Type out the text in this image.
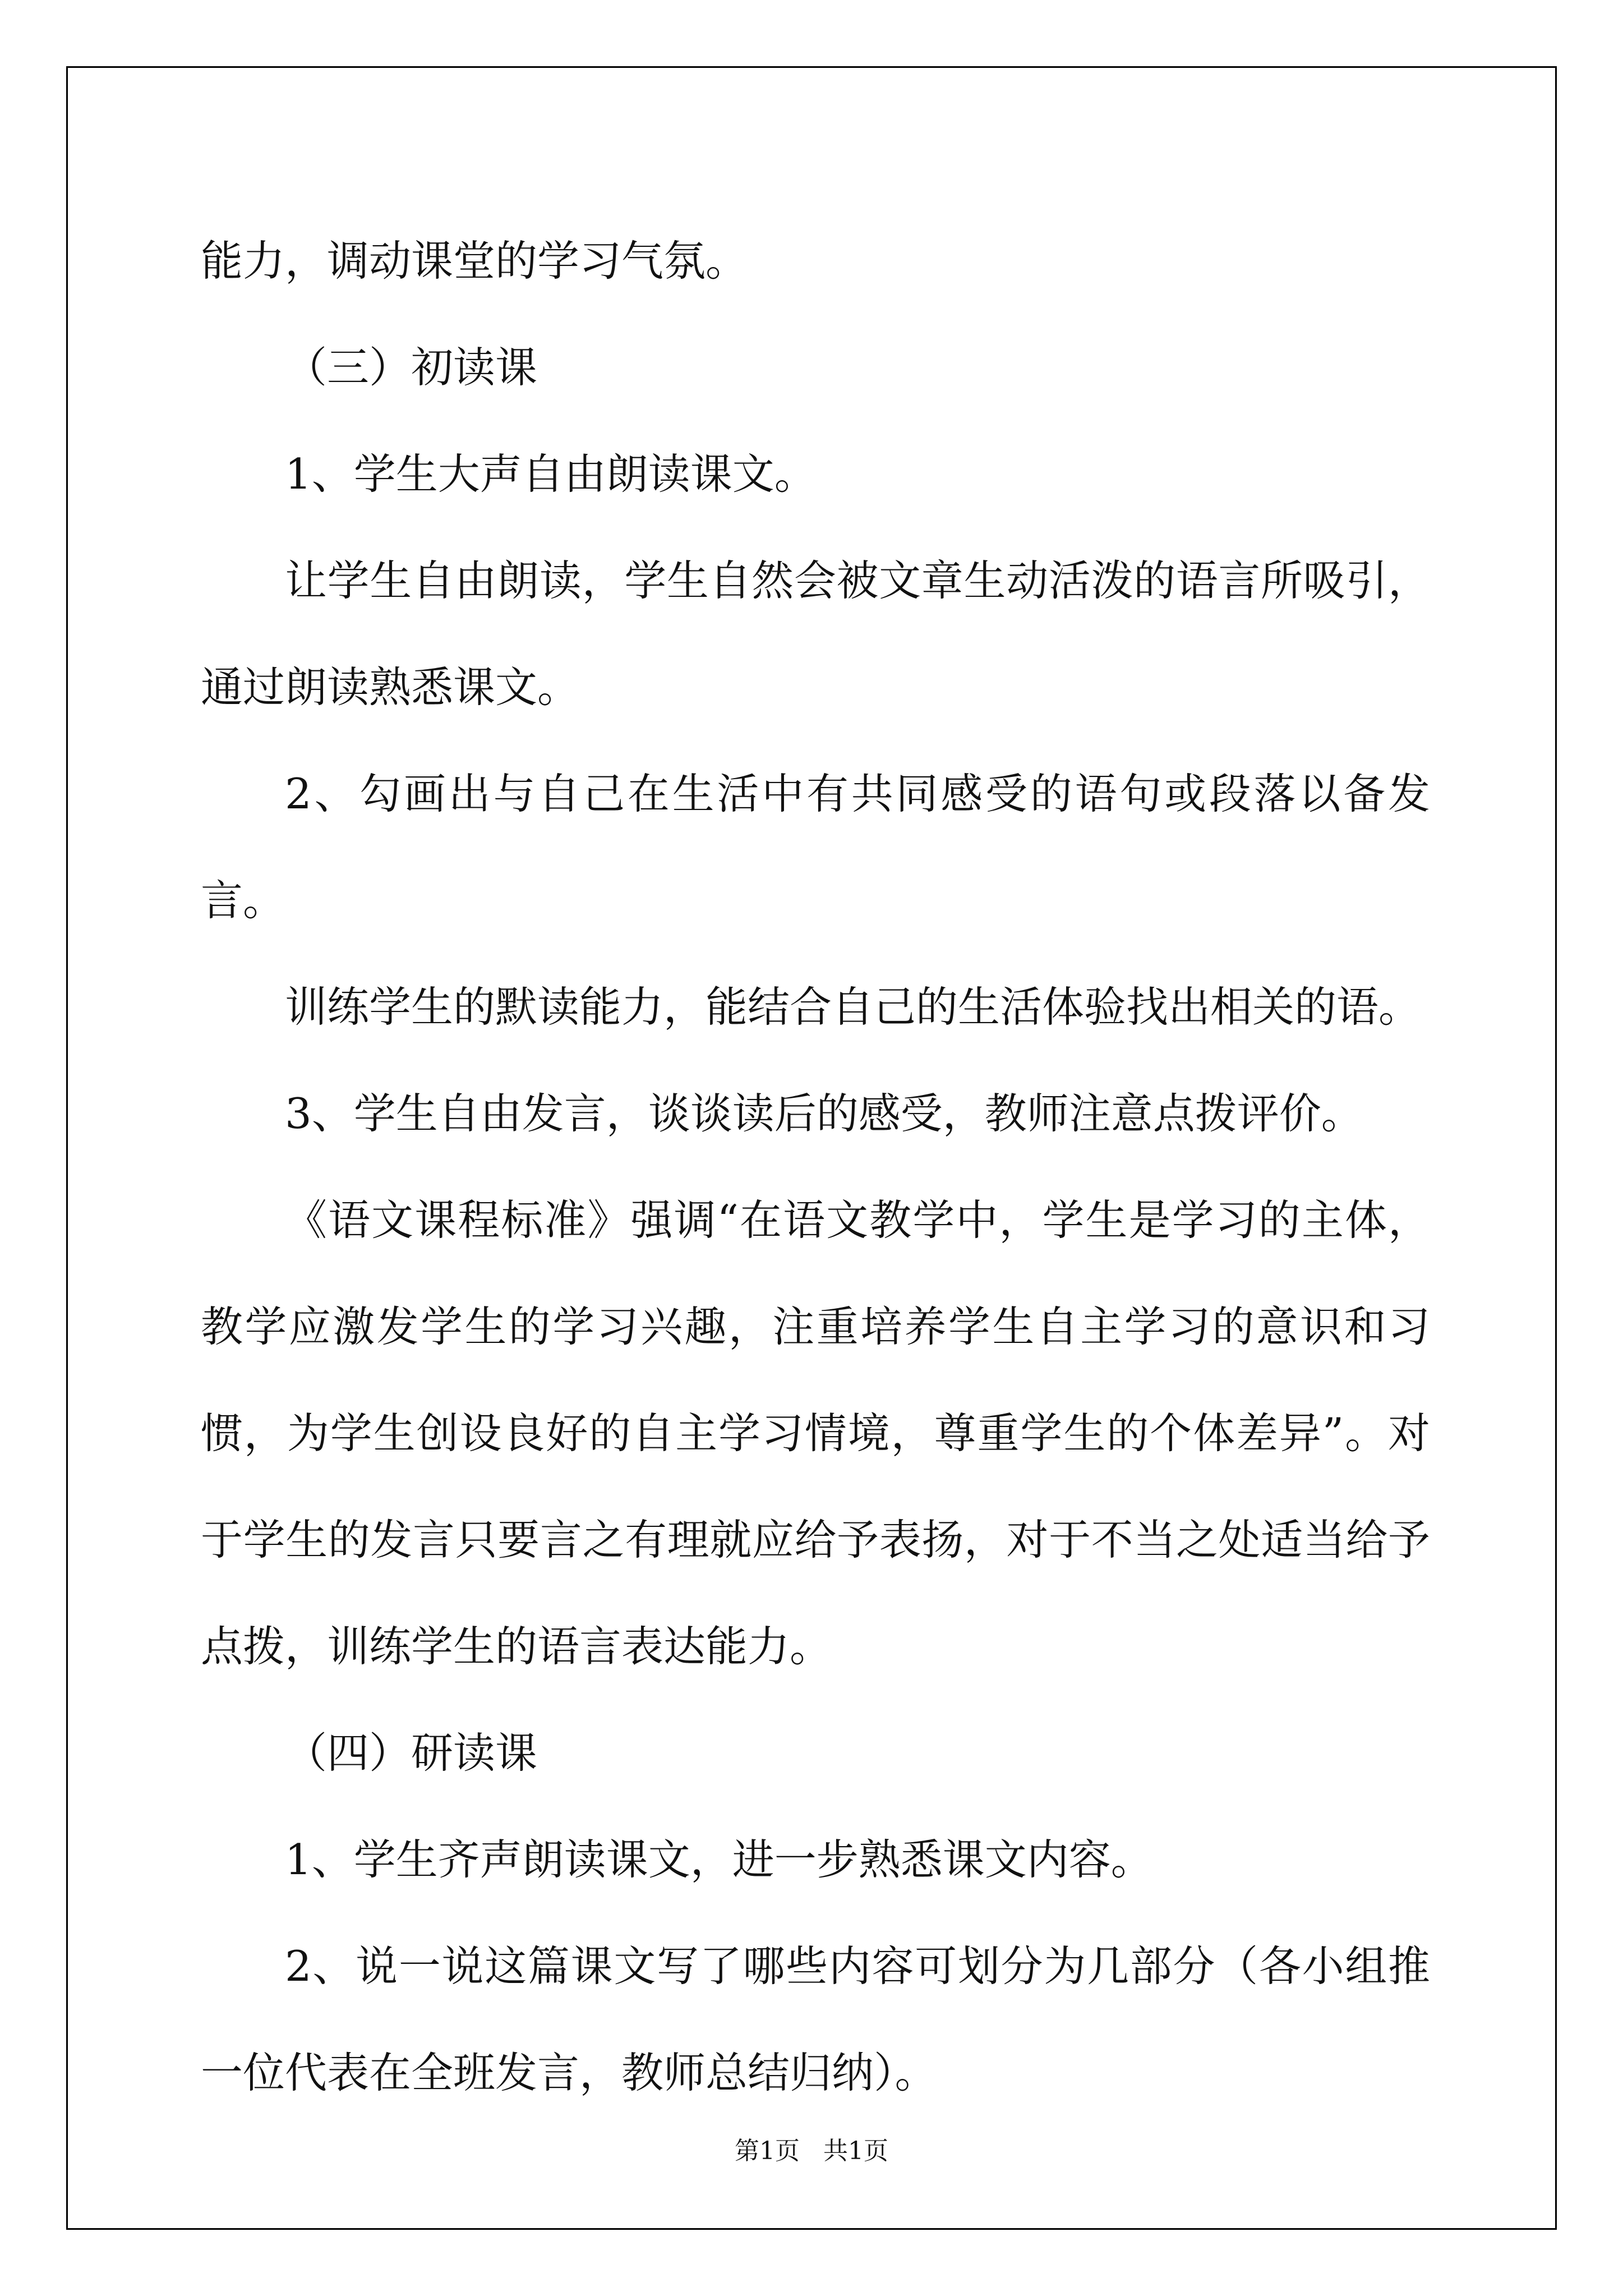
能力，调动课堂的学习气氛。

（三）初读课

1、学生大声自由朗读课文。

让学生自由朗读，学生自然会被文章生动活泼的语言所吸引，通过朗读熟悉课文。

2、勾画出与自己在生活中有共同感受的语句或段落以备发言。

训练学生的默读能力，能结合自己的生活体验找出相关的语。

3、学生自由发言，谈谈读后的感受，教师注意点拨评价。

《语文课程标准》强调“在语文教学中，学生是学习的主体，教学应激发学生的学习兴趣，注重培养学生自主学习的意识和习惯，为学生创设良好的自主学习情境，尊重学生的个体差异”。对于学生的发言只要言之有理就应给予表扬，对于不当之处适当给予点拨，训练学生的语言表达能力。

（四）研读课

1、学生齐声朗读课文，进一步熟悉课文内容。

2、说一说这篇课文写了哪些内容可划分为几部分（各小组推一位代表在全班发言，教师总结归纳）。

第1页   共1页
